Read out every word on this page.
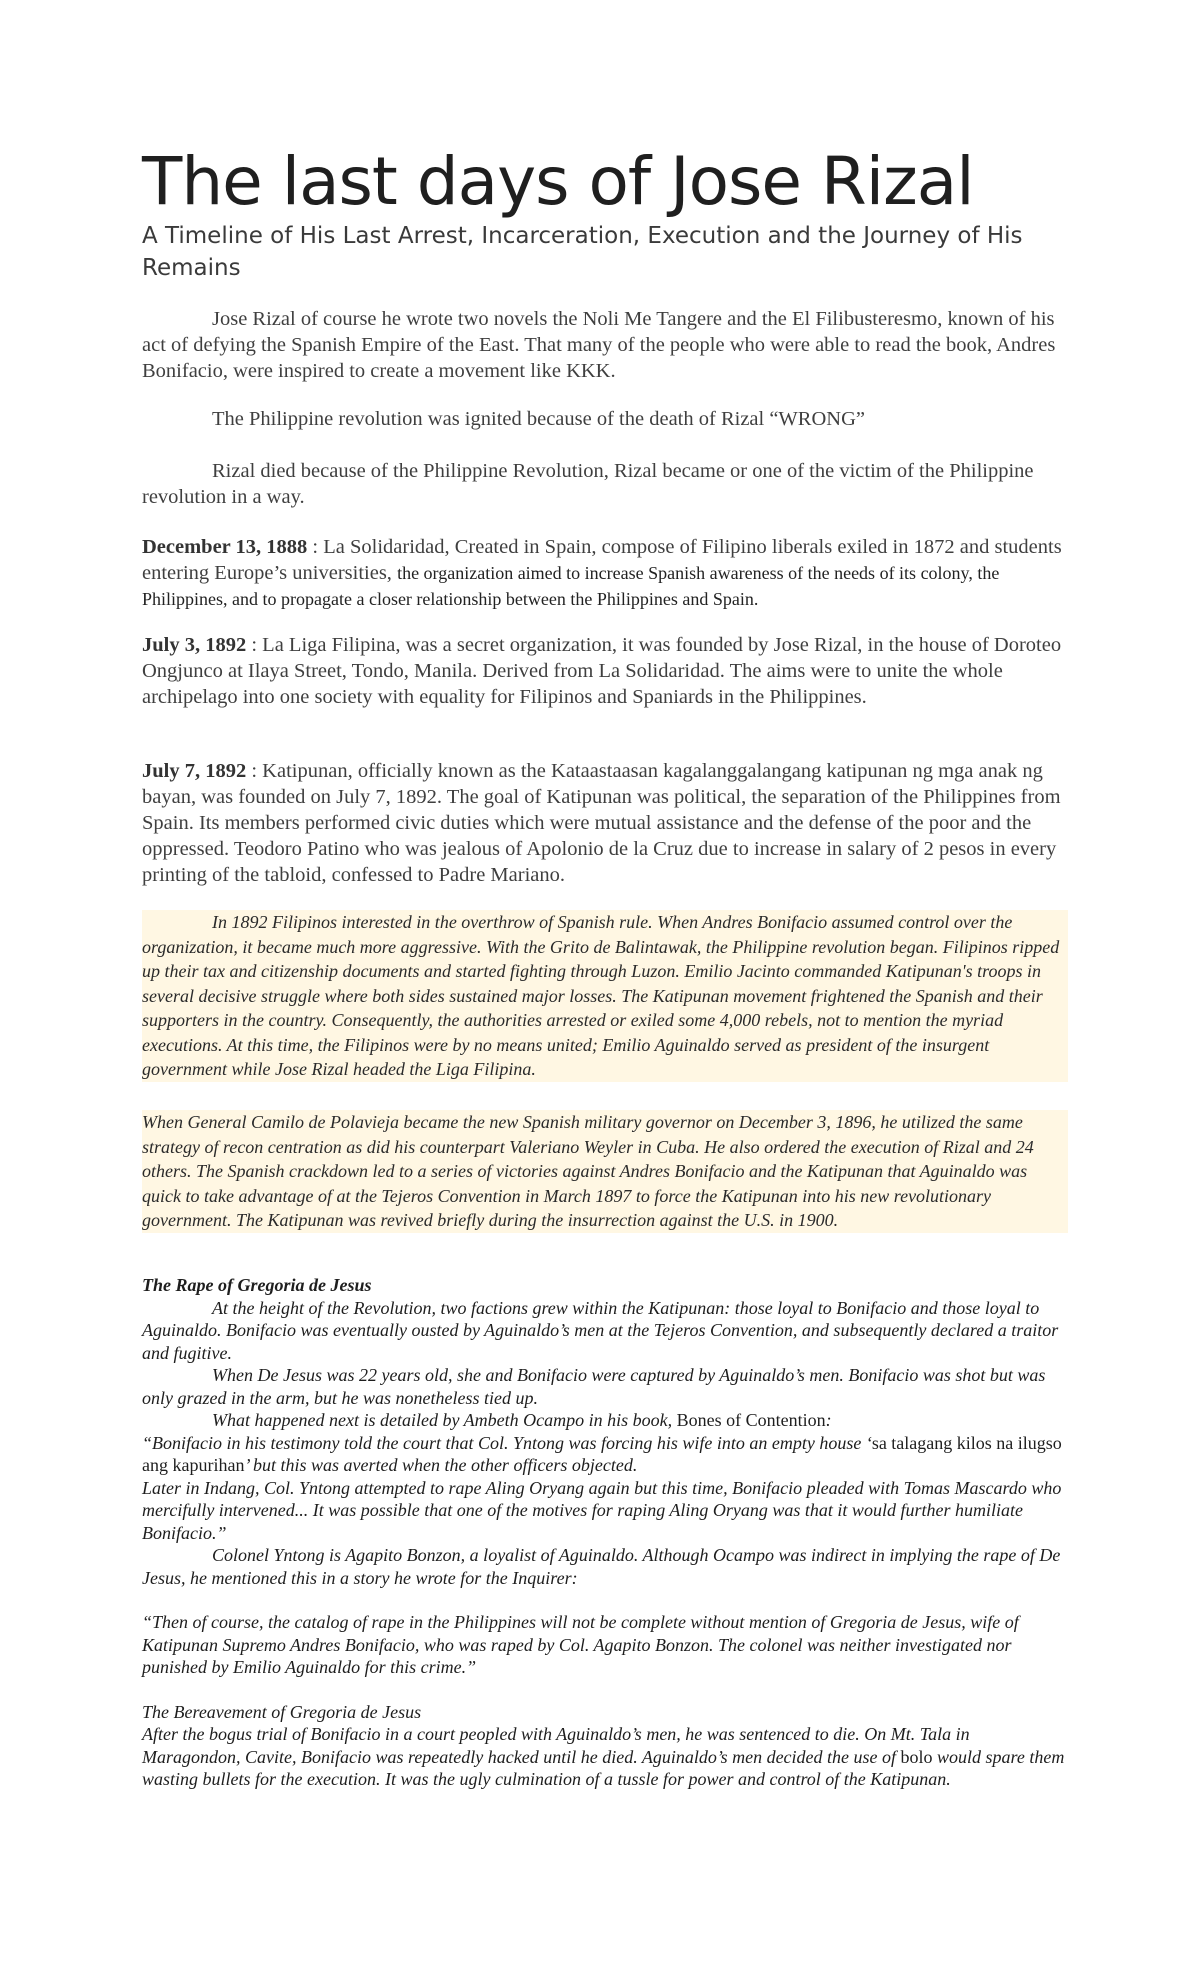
The last days of Jose Rizal
A Timeline of His Last Arrest, Incarceration, Execution and the Journey of His Remains

Jose Rizal of course he wrote two novels the Noli Me Tangere and the El Filibusteresmo, known of his act of defying the Spanish Empire of the East. That many of the people who were able to read the book, Andres Bonifacio, were inspired to create a movement like KKK.

The Philippine revolution was ignited because of the death of Rizal “WRONG”

Rizal died because of the Philippine Revolution, Rizal became or one of the victim of the Philippine revolution in a way.

December 13, 1888 : La Solidaridad, Created in Spain, compose of Filipino liberals exiled in 1872 and students entering Europe’s universities, the organization aimed to increase Spanish awareness of the needs of its colony, the Philippines, and to propagate a closer relationship between the Philippines and Spain.

July 3, 1892 : La Liga Filipina, was a secret organization, it was founded by Jose Rizal, in the house of Doroteo Ongjunco at Ilaya Street, Tondo, Manila. Derived from La Solidaridad. The aims were to unite the whole archipelago into one society with equality for Filipinos and Spaniards in the Philippines.

July 7, 1892 : Katipunan, officially known as the Kataastaasan kagalanggalangang katipunan ng mga anak ng bayan, was founded on July 7, 1892. The goal of Katipunan was political, the separation of the Philippines from Spain. Its members performed civic duties which were mutual assistance and the defense of the poor and the oppressed. Teodoro Patino who was jealous of Apolonio de la Cruz due to increase in salary of 2 pesos in every printing of the tabloid, confessed to Padre Mariano.

In 1892 Filipinos interested in the overthrow of Spanish rule. When Andres Bonifacio assumed control over the organization, it became much more aggressive. With the Grito de Balintawak, the Philippine revolution began. Filipinos ripped up their tax and citizenship documents and started fighting through Luzon. Emilio Jacinto commanded Katipunan's troops in several decisive struggle where both sides sustained major losses. The Katipunan movement frightened the Spanish and their supporters in the country. Consequently, the authorities arrested or exiled some 4,000 rebels, not to mention the myriad executions. At this time, the Filipinos were by no means united; Emilio Aguinaldo served as president of the insurgent government while Jose Rizal headed the Liga Filipina.

When General Camilo de Polavieja became the new Spanish military governor on December 3, 1896, he utilized the same strategy of recon centration as did his counterpart Valeriano Weyler in Cuba. He also ordered the execution of Rizal and 24 others. The Spanish crackdown led to a series of victories against Andres Bonifacio and the Katipunan that Aguinaldo was quick to take advantage of at the Tejeros Convention in March 1897 to force the Katipunan into his new revolutionary government. The Katipunan was revived briefly during the insurrection against the U.S. in 1900.

The Rape of Gregoria de Jesus
At the height of the Revolution, two factions grew within the Katipunan: those loyal to Bonifacio and those loyal to Aguinaldo. Bonifacio was eventually ousted by Aguinaldo’s men at the Tejeros Convention, and subsequently declared a traitor and fugitive.
When De Jesus was 22 years old, she and Bonifacio were captured by Aguinaldo’s men. Bonifacio was shot but was only grazed in the arm, but he was nonetheless tied up.
What happened next is detailed by Ambeth Ocampo in his book, Bones of Contention:
“Bonifacio in his testimony told the court that Col. Yntong was forcing his wife into an empty house ‘sa talagang kilos na ilugso ang kapurihan’ but this was averted when the other officers objected.
Later in Indang, Col. Yntong attempted to rape Aling Oryang again but this time, Bonifacio pleaded with Tomas Mascardo who mercifully intervened... It was possible that one of the motives for raping Aling Oryang was that it would further humiliate Bonifacio.”
Colonel Yntong is Agapito Bonzon, a loyalist of Aguinaldo. Although Ocampo was indirect in implying the rape of De Jesus, he mentioned this in a story he wrote for the Inquirer:
“Then of course, the catalog of rape in the Philippines will not be complete without mention of Gregoria de Jesus, wife of Katipunan Supremo Andres Bonifacio, who was raped by Col. Agapito Bonzon. The colonel was neither investigated nor punished by Emilio Aguinaldo for this crime.”
The Bereavement of Gregoria de Jesus
After the bogus trial of Bonifacio in a court peopled with Aguinaldo’s men, he was sentenced to die. On Mt. Tala in Maragondon, Cavite, Bonifacio was repeatedly hacked until he died. Aguinaldo’s men decided the use of bolo would spare them wasting bullets for the execution. It was the ugly culmination of a tussle for power and control of the Katipunan.
